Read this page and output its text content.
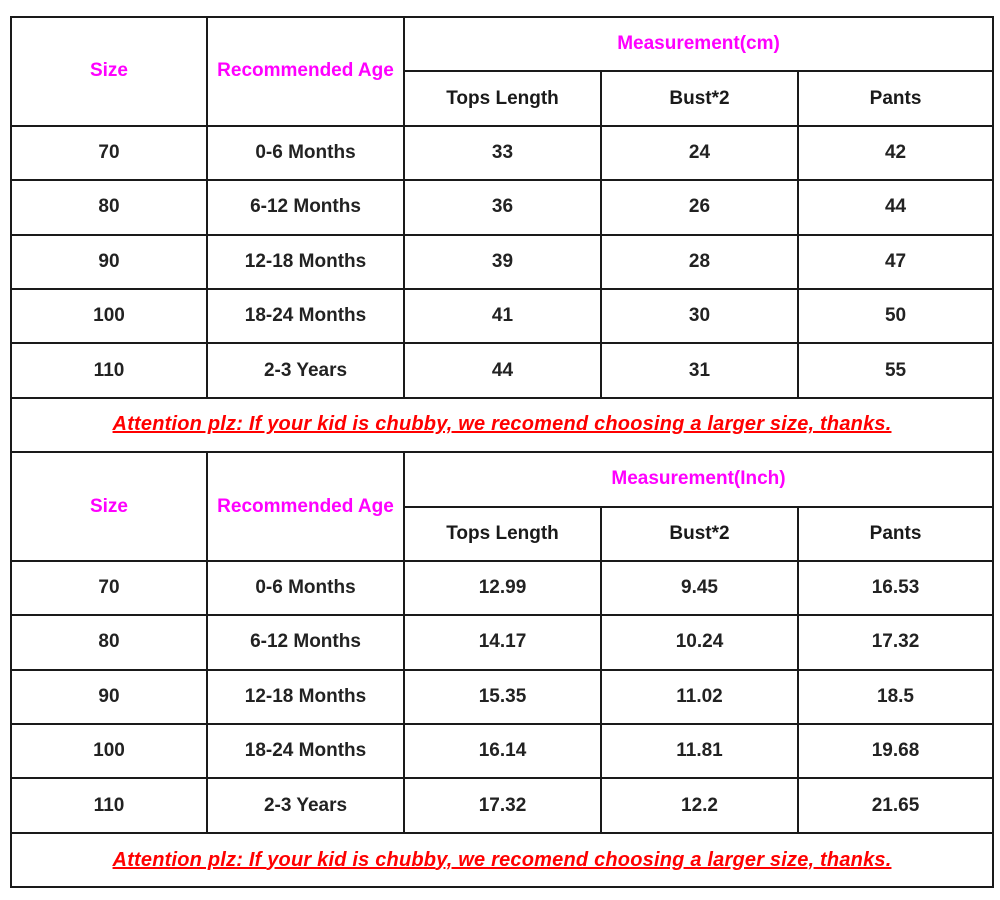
Size	Recommended Age	Measurement(cm)		
		Tops Length	Bust*2	Pants
70	0-6 Months	33	24	42
80	6-12 Months	36	26	44
90	12-18 Months	39	28	47
100	18-24 Months	41	30	50
110	2-3 Years	44	31	55
Attention plz: If your kid is chubby, we recomend choosing a larger size, thanks.				
Size	Recommended Age	Measurement(Inch)		
		Tops Length	Bust*2	Pants
70	0-6 Months	12.99	9.45	16.53
80	6-12 Months	14.17	10.24	17.32
90	12-18 Months	15.35	11.02	18.5
100	18-24 Months	16.14	11.81	19.68
110	2-3 Years	17.32	12.2	21.65
Attention plz: If your kid is chubby, we recomend choosing a larger size, thanks.				
